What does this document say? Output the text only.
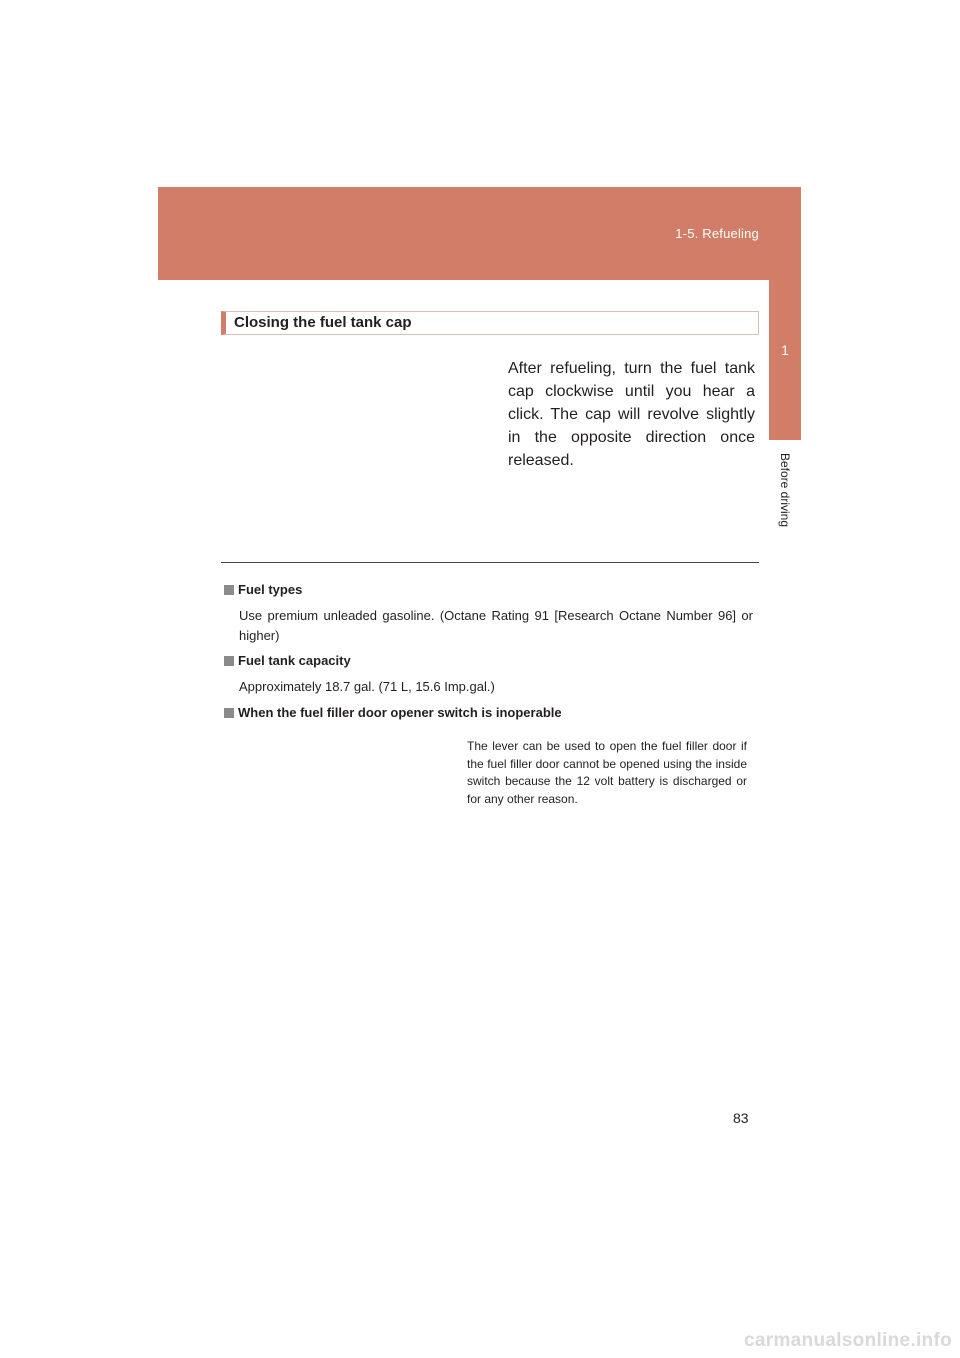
1-5. Refueling
1
Before driving
Closing the fuel tank cap

After refueling, turn the fuel tank cap clockwise until you hear a click. The cap will revolve slightly in the opposite direction once released.

Fuel types

Use premium unleaded gasoline. (Octane Rating 91 [Research Octane Number 96] or higher)

Fuel tank capacity

Approximately 18.7 gal. (71 L, 15.6 Imp.gal.)

When the fuel filler door opener switch is inoperable

The lever can be used to open the fuel filler door if the fuel filler door cannot be opened using the inside switch because the 12 volt battery is discharged or for any other reason.

83
carmanualsonline.info
